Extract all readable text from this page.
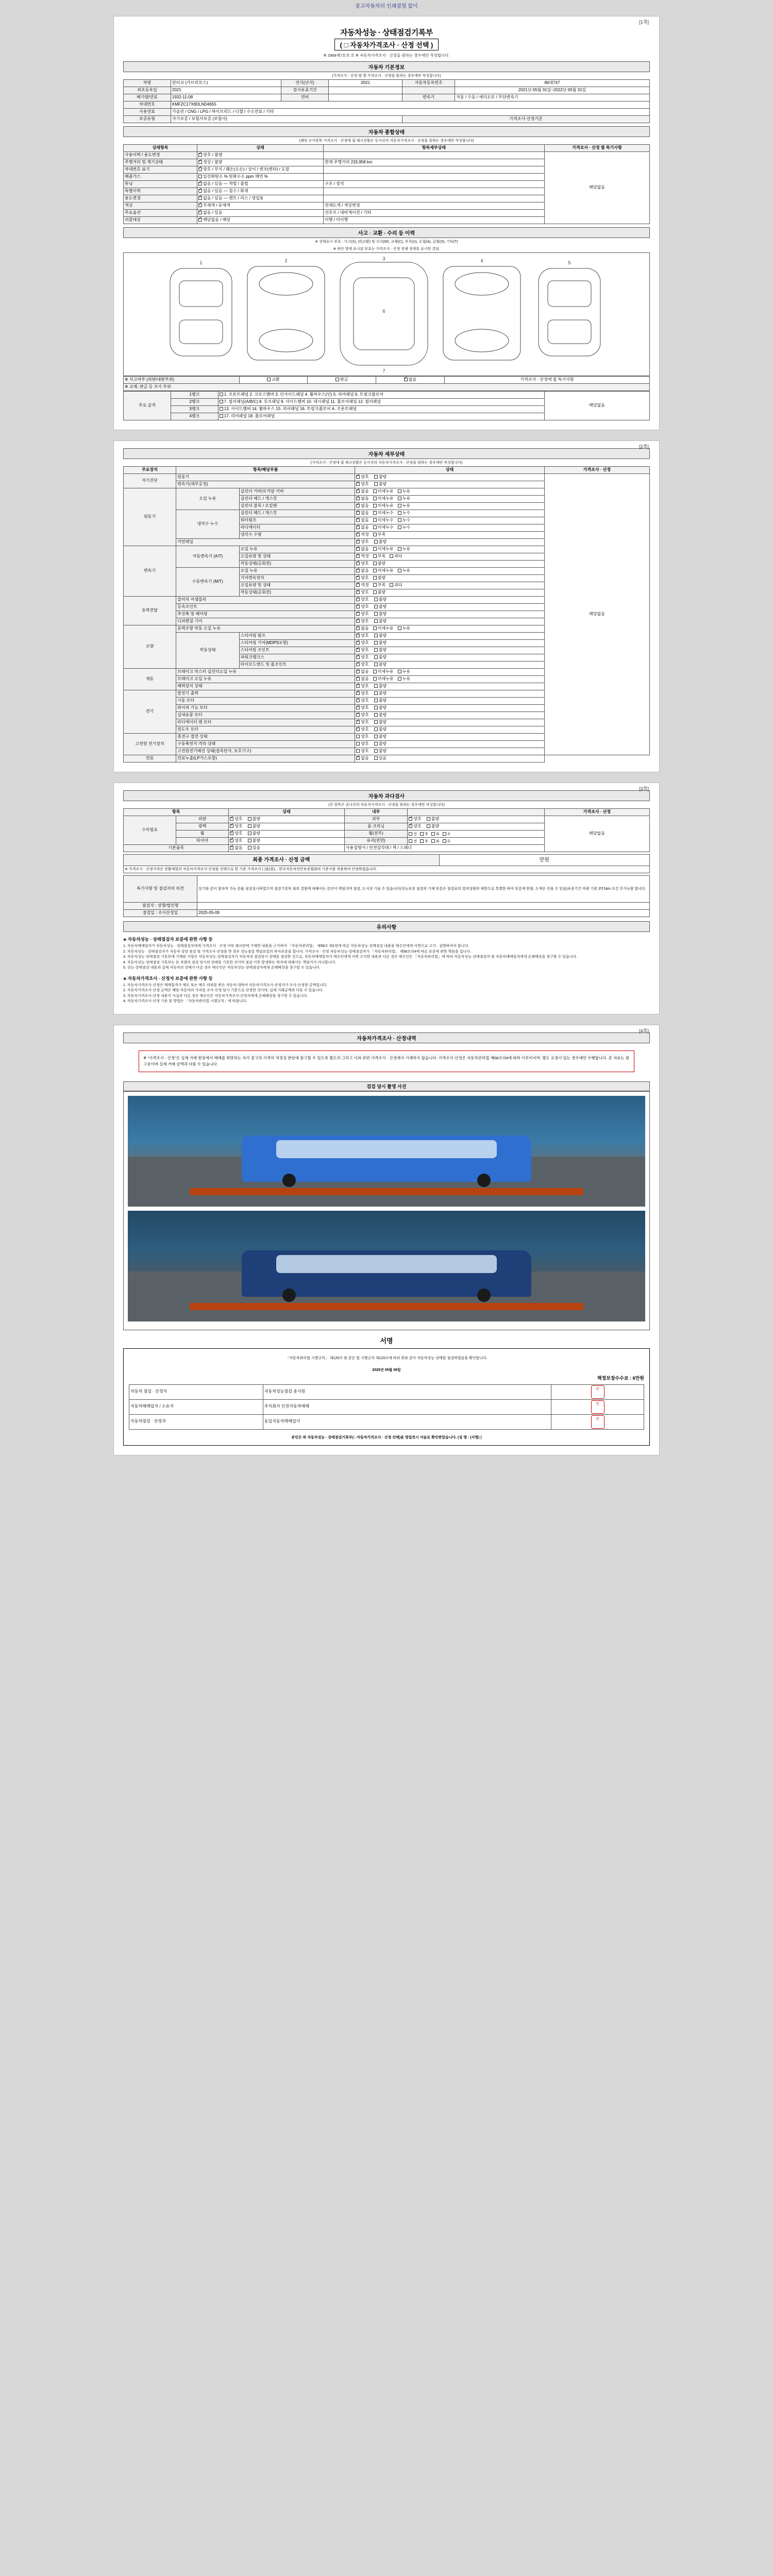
중고차동차의 인쇄질열 없이
[1쪽]
자동차성능 · 상태점검기록부
( □ 자동차가격조사 · 산정 선택 )
※ 2969제7호의 호 ※ 자동차가격조사 · 산정을 원하는 경우에만 작성합니다.
자동차 기본정보
(가격조사 · 산정 범 별 가격조사 · 산정을 원하는 경우에만 작성합니다)
차명	윈터코 (카브리모스)	연식(년식)	2021	자동차등록번호	86대747
최초등록일	2021	검사유효기간			2021년 05월 31일~2022년 05월 31일
배기량/연료	1932-11-08	연비		변속기	자동 / 수동 / 세미오토 / 무단변속기
차대번호	KMFZC17X8DLND4655				
사용연료	가솔린 / CNG / LPG / 하이브리드 / 디젤 / 수소연료 / 기타				
보증유형	자기보증 / 보험사보증 (보험사)			가격조사·산정기준	
자동차 종합상태
(해당 조사항목 가격조사 · 산정에 필 체크상황은 등사진의 자동차가격조사 · 산정을 원하는 경우에만 작성합니다)
상태항목	상태	항목세부상태	가격조사 · 산정 별 특기사항
사용이력 / 용도변경	✓양호 / 불량		해당없음
주행거리 및 계기상태	✓정상 / 불량	현재 주행거리 233,958 km	
차대번호 표기	✓양호 / 부식 / 훼손(오손) / 상이 / 변조(변타) / 도말	
배출가스	일산화탄소 % 탄화수소 ppm 매연 %		
튜닝	✓없음 / 있음 — 적법 / 불법	구조 / 장치	
특별이력	✓없음 / 있음 — 침수 / 화재	
용도변경	✓없음 / 있음 — 렌트 / 리스 / 영업용	
색상	✓무채색 / 유채색	전체도색 / 색상변경	
주요옵션	✓없음 / 있음	선루프 / 내비게이션 / 기타	
리콜대상	✓해당없음 / 해당	이행 / 미이행	
사고 · 교환 · 수리 등 이력
※ 상태표시 부호 : 사고(X), 판(교환) 및 수리(W), 교체(C), 부식(U), 요철(A), 긁힘(S), 기타(T)
※ 하단 방에 표시된 부호는 가격조사 · 산정 전체 상태를 표시한 것임.
1	2	3	4	5
6
7
※ 사고여부 (외판/내판부위)	교환	판금	✓없음	가격조사 · 산정에 필 특기사항
※ 교체, 판금 등 조사 부위
주요 골격	1랭크	1. 프론트패널 2. 크로스멤버 3. 인사이드패널 4. 휠하우스(인) 5. 리어패널 6. 트렁크플로어	해당없음
	2랭크	7. 필러패널(A/B/C) 8. 루프패널 9. 사이드멤버 10. 대시패널 11. 플로어패널 12. 필러패널	
	3랭크	13. 사이드멤버 14. 휠하우스 15. 리어패널 16. 트렁크플로어 A. 프론트패널	
	4랭크	17. 리어패널 18. 플로어패널	
[2쪽]
자동차 세부상태
(가격조사 · 산정에 필 체크상황은 등사진의 자동차가격조사 · 산정을 원하는 경우에만 작성합니다)
주요장치	항목/해당부품		상태	가격조사 · 산정
자기진단	원동기	✓양호 불량	해당없음
	변속기(세부공정)	✓양호 불량
원동기	오일 누유	실린더 커버/로커암 커버	✓없음 미세누유 누유
		실린더 헤드 / 개스킷	✓없음 미세누유 누유
		실린더 블록 / 오일팬	✓없음 미세누유 누유
	냉각수 누수	실린더 헤드 / 개스킷	✓없음 미세누수 누수
		워터펌프	✓없음 미세누수 누수
		라디에이터	✓없음 미세누수 누수
		냉각수 수량	✓적정 부족
	커먼레일	✓양호 불량
변속기	자동변속기 (A/T)	오일 누유	✓없음 미세누유 누유
		오일유량 및 상태	✓적정 부족 과다
		작동상태(공회전)	✓양호 불량
	수동변속기 (M/T)	오일 누유	✓없음 미세누유 누유
		기어변속장치	✓양호 불량
		오일유량 및 상태	✓적정 부족 과다
		작동상태(공회전)	✓양호 불량
동력전달	클러치 어셈블리	✓양호 불량
	등속조인트	✓양호 불량
	추진축 및 베어링	✓양호 불량
	디퍼렌셜 기어	✓양호 불량
조향	동력조향 작동 오일 누유	✓없음 미세누유 누유
	작동상태	스티어링 펌프	✓양호 불량
		스티어링 기어(MDPS포함)	✓양호 불량
		스티어링 조인트	✓양호 불량
		파워크랭크스	✓양호 불량
		타이로드엔드 및 볼조인트	✓양호 불량
제동	브레이크 마스터 실린더오일 누유	✓없음 미세누유 누유
	브레이크 오일 누유	✓없음 미세누유 누유
	배력장치 상태	✓양호 불량
전기	발전기 출력	✓양호 불량
	시동 모터	✓양호 불량
	와이퍼 기능 모터	✓양호 불량
	실내송풍 모터	✓양호 불량
	라디에이터 팬 모터	✓양호 불량
	윈도우 모터	✓양호 불량
고전원 전기장치	충전구 절연 상태		양호 불량	
	구동축전지 격리 상태		양호 불량	
	고전원전기배선 상태(접속단자, 보호기구)		양호 불량	
연료	연료누출(LP가스포함)	✓없음 있음
[3쪽]
자동차 과다검사
(주 항목은 중나진의 자동차가격조사 · 산정을 원하는 경우에만 작성합니다)
항목		상태	내부		가격조사 · 산정
수리필요	외판	✓양호 불량	외부	✓양호 불량	해당없음
	광택	✓양호 불량	룸 크리닝	✓양호 불량
	휠	✓양호 불량	휠(전부)	전 후 좌 우	
	타이어	✓양호 불량	유리(전면)	전 후 좌 우	
기본품목	✓없음 있음	사용설명서 / 안전삼각대 / 잭 / 스패너		
최종 가격조사 · 산정 금액	만원
※ 가격조사 · 산정가격은 상황에열의 자동차가격조사·산정을 선택으로 한 기준 가격조사 ( )을(를)... 한국자동차진단보증협회의 기준사용 적용하여 산정하였습니다.
특기사항 및 점검자의 의견	상기와 같이 철차적 가능 본품 점검실시하였으며 점검기록부 외의 결함에 대해서는 본인이 책임지며 점검, 도서상 기술 수 있습니다(성능보장 점검의 기재 부분은 점검표의 법적성범위 제한으로 특별한 하자 부분에 한함, 도색은 인을 수 있음)보증기간 차량 기준 2만1km 조건 무가능함 합니다.
점검자 : 성명/법인명	
점검일 : 조사산정일	2025-05-09
유의사항
◈ 자동차성능 · 상태점검자 보증에 관한 사항 등
1. 자동차매매업자가 자동차성능 · 상태점검자에게 가격조사 · 산정 여부 체크란에 기재한 내용을 근거하여 「자동차관리법」 제58조 제1항에 따른 자동차성능·상태점검 내용을 매수인에게 서면으로 고지 · 설명하여야 합니다.
2. 자동차성능 · 상태점검자가 자동차 상당 점검 및 가격조사·산정을 한 경우 성능점검 책임보험의 하자보증을 합니다. 가격조사 · 산정 자동차성능·상태점검자가 「자동차관리법」 제58조의4에 따른 보증에 관한 책임을 집니다.
3. 자동차성능·상태점검 기록부에 기재된 사항은 자동차성능·상태점검자가 자동차의 점검당시 상태를 점검한 것으로, 자동차매매업자가 매수인에게 서면 고지한 내용과 다른 경우 매수인은 「자동차관리법」에 따라 자동차성능·상태점검자 및 자동차매매업자에게 손해배상을 청구할 수 있습니다.
4. 자동차성능·상태점검 기록부는 본 차량의 점검 당시의 상태를 기록한 것이며 점검 이후 발생하는 하자에 대해서는 책임지지 아니합니다.
5. 성능·상태점검 내용과 실제 자동차의 상태가 다른 경우 매수인은 자동차성능·상태점검자에게 손해배상을 청구할 수 있습니다.
◈ 자동차가격조사 · 산정자 보증에 관한 사항 등
1. 자동차가격조사·산정은 매매업자가 매도 또는 매수 의뢰를 받은 자동차 대하여 자동차가격조사·산정자가 조사·산정한 금액입니다.
2. 자동차가격조사·산정 금액은 해당 자동차의 가치를 조사·산정 당시 기준으로 산정한 것이며, 실제 거래금액과 다를 수 있습니다.
3. 자동차가격조사·산정 내용이 사실과 다른 경우 매수인은 자동차가격조사·산정자에게 손해배상을 청구할 수 있습니다.
4. 자동차가격조사·산정 기준 및 방법은 「자동차관리법 시행규칙」에 따릅니다.
[4쪽]
자동차가격조사 · 산정내역
※ "가격조사 · 산정"은 실제 거래 현장에서 매매를 희망하는 자가 중고차 가격의 적정성 판단에 참고할 수 있도록 별도의 그리고 이와 관련 가격조사 · 산정에서 기재하지 않습니다. 가격조사·산정은 자동차관리법 제58조의4에 따라 이루어지며, 별도 요청이 있는 경우에만 수행합니다. 본 자료는 참고용이며 실제 거래 금액과 다를 수 있습니다.
검검 당시 촬영 사진
서명
「자동차관리법 시행규칙」 제120조 및 같은 법 시행규칙 제120조에 따라 위와 같이 자동차성능·상태를 점검하였음을 확인합니다.
2025년 05월 09일
책정보장수수료 : 6만원
자동차 점검 · 산정자	자동차성능점검 종사원	인
자동차매매업자 / 소유자	주식회사 인천자동차매매	인
자동차점검 · 산정자	동일자동차매매업사	인
본인은 위 자동차성능 · 상태점검기록부(□ 자동차가격조사 · 산정 선택)을 영업전시 서술로 확인받았습니다. (성 명 : (서명) )
